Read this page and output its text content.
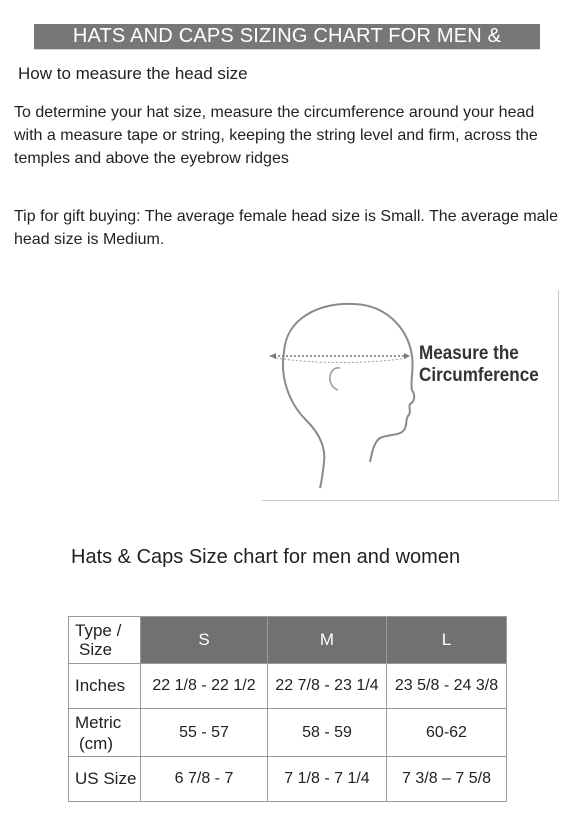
HATS AND CAPS SIZING CHART FOR MEN & WOMEN
How to measure the head size
To determine your hat size, measure the circumference around your head with a measure tape or string, keeping the string level and firm, across the temples and above the eyebrow ridges
Tip for gift buying: The average female head size is Small. The average male head size is Medium.
Measure the
Circumference
Hats & Caps Size chart for men and women
Type /
Size	S	M	L
Inches	22 1/8 - 22 1/2	22 7/8 - 23 1/4	23 5/8 - 24 3/8

Metric
(cm)	55 - 57	58 - 59	60-62
US Size	6 7/8 - 7	7 1/8 - 7 1/4	7 3/8 – 7 5/8
